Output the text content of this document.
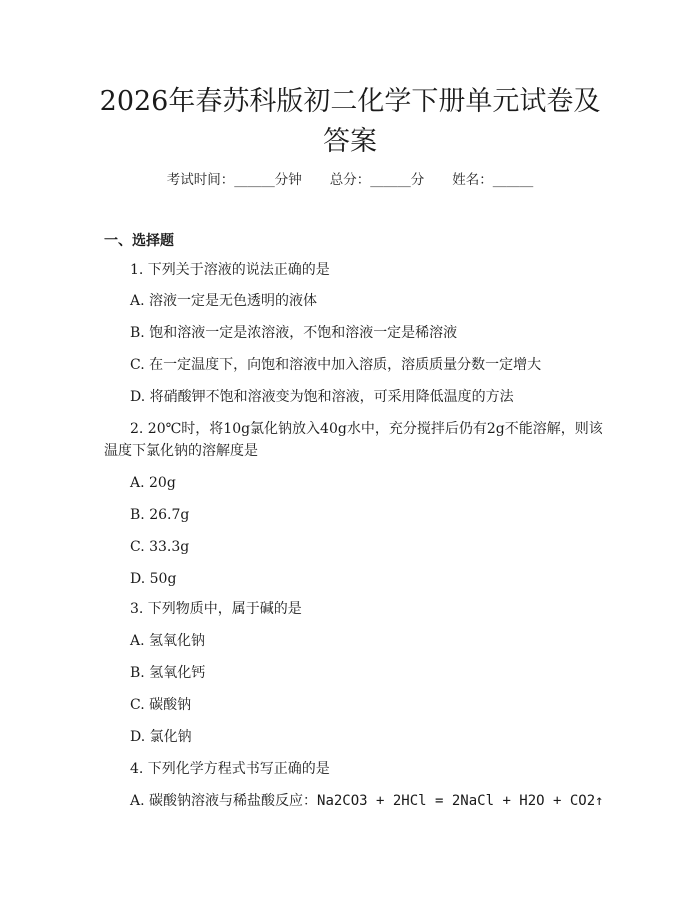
2026年春苏科版初二化学下册单元试卷及答案
考试时间：______分钟 总分：______分 姓名：______
一、选择题
1. 下列关于溶液的说法正确的是
A. 溶液一定是无色透明的液体
B. 饱和溶液一定是浓溶液，不饱和溶液一定是稀溶液
C. 在一定温度下，向饱和溶液中加入溶质，溶质质量分数一定增大
D. 将硝酸钾不饱和溶液变为饱和溶液，可采用降低温度的方法
2. 20℃时，将10g氯化钠放入40g水中，充分搅拌后仍有2g不能溶解，则该
温度下氯化钠的溶解度是
A. 20g
B. 26.7g
C. 33.3g
D. 50g
3. 下列物质中，属于碱的是
A. 氢氧化钠
B. 氢氧化钙
C. 碳酸钠
D. 氯化钠
4. 下列化学方程式书写正确的是
A. 碳酸钠溶液与稀盐酸反应：Na2CO3 + 2HCl = 2NaCl + H2O + CO2↑
